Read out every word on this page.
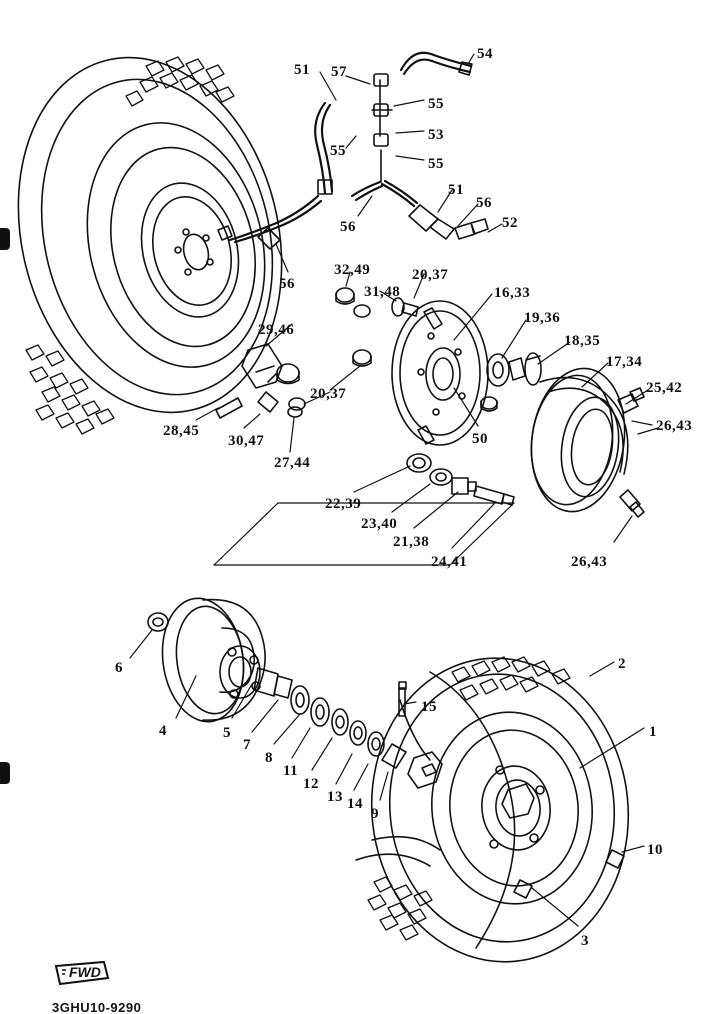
FWD
3GHU10-9290
54
51 57
55
53
55
55
51
56
52
56
56
32,49	20,37
31,48	16,33
19,36
18,35
29,46
17,34
25,42
20,37
26,43
28,45
30,47	50
27,44
22,39
23,40
21,38
24,41	26,43
2
6
1
15
4	5
7
8
11
12
13 14
9
10
3
